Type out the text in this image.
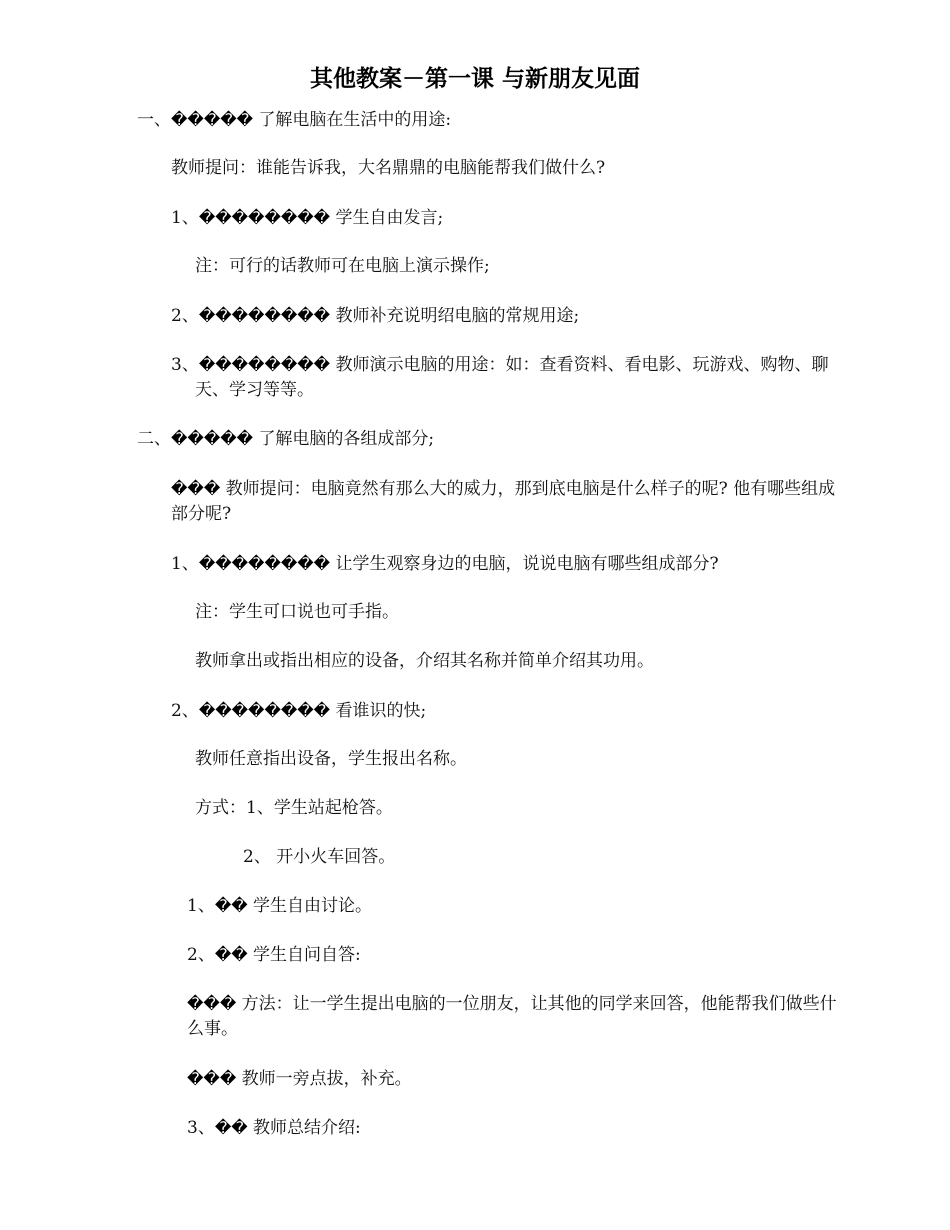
其他教案－第一课 与新朋友见面
一、����� 了解电脑在生活中的用途:
教师提问：谁能告诉我，大名鼎鼎的电脑能帮我们做什么?
1、�������� 学生自由发言;
注：可行的话教师可在电脑上演示操作;
2、�������� 教师补充说明绍电脑的常规用途;
3、�������� 教师演示电脑的用途：如：查看资料、看电影、玩游戏、购物、聊
天、学习等等。
二、����� 了解电脑的各组成部分;
��� 教师提问：电脑竟然有那么大的威力，那到底电脑是什么样子的呢? 他有哪些组成
部分呢?
1、�������� 让学生观察身边的电脑，说说电脑有哪些组成部分?
注：学生可口说也可手指。
教师拿出或指出相应的设备，介绍其名称并简单介绍其功用。
2、�������� 看谁识的快;
教师任意指出设备，学生报出名称。
方式：1、学生站起枪答。
2、 开小火车回答。
1、�� 学生自由讨论。
2、�� 学生自问自答:
��� 方法：让一学生提出电脑的一位朋友，让其他的同学来回答，他能帮我们做些什
么事。
��� 教师一旁点拔，补充。
3、�� 教师总结介绍:
